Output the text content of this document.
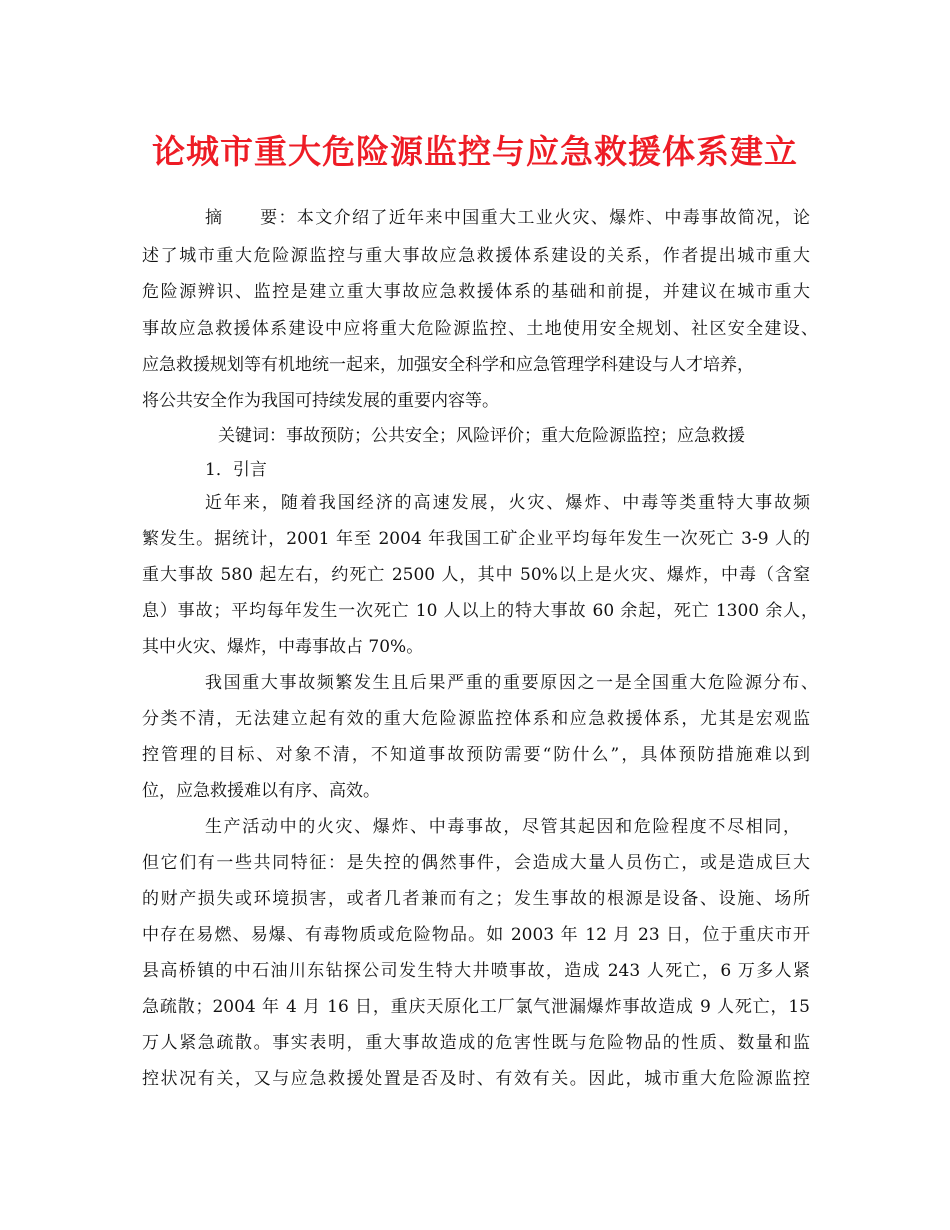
论城市重大危险源监控与应急救援体系建立
摘　　要：本文介绍了近年来中国重大工业火灾、爆炸、中毒事故简况，论
述了城市重大危险源监控与重大事故应急救援体系建设的关系，作者提出城市重大
危险源辨识、监控是建立重大事故应急救援体系的基础和前提，并建议在城市重大
事故应急救援体系建设中应将重大危险源监控、土地使用安全规划、社区安全建设、
应急救援规划等有机地统一起来，加强安全科学和应急管理学科建设与人才培养，
将公共安全作为我国可持续发展的重要内容等。
关键词：事故预防；公共安全；风险评价；重大危险源监控；应急救援
1．引言
近年来，随着我国经济的高速发展，火灾、爆炸、中毒等类重特大事故频
繁发生。据统计，2001 年至 2004 年我国工矿企业平均每年发生一次死亡 3-9 人的
重大事故 580 起左右，约死亡 2500 人，其中 50%以上是火灾、爆炸，中毒（含窒
息）事故；平均每年发生一次死亡 10 人以上的特大事故 60 余起，死亡 1300 余人，
其中火灾、爆炸，中毒事故占 70%。
我国重大事故频繁发生且后果严重的重要原因之一是全国重大危险源分布、
分类不清，无法建立起有效的重大危险源监控体系和应急救援体系，尤其是宏观监
控管理的目标、对象不清，不知道事故预防需要“防什么”，具体预防措施难以到
位，应急救援难以有序、高效。
生产活动中的火灾、爆炸、中毒事故，尽管其起因和危险程度不尽相同，
但它们有一些共同特征：是失控的偶然事件，会造成大量人员伤亡，或是造成巨大
的财产损失或环境损害，或者几者兼而有之；发生事故的根源是设备、设施、场所
中存在易燃、易爆、有毒物质或危险物品。如 2003 年 12 月 23 日，位于重庆市开
县高桥镇的中石油川东钻探公司发生特大井喷事故，造成 243 人死亡，6 万多人紧
急疏散；2004 年 4 月 16 日，重庆天原化工厂氯气泄漏爆炸事故造成 9 人死亡，15
万人紧急疏散。事实表明，重大事故造成的危害性既与危险物品的性质、数量和监
控状况有关，又与应急救援处置是否及时、有效有关。因此，城市重大危险源监控
